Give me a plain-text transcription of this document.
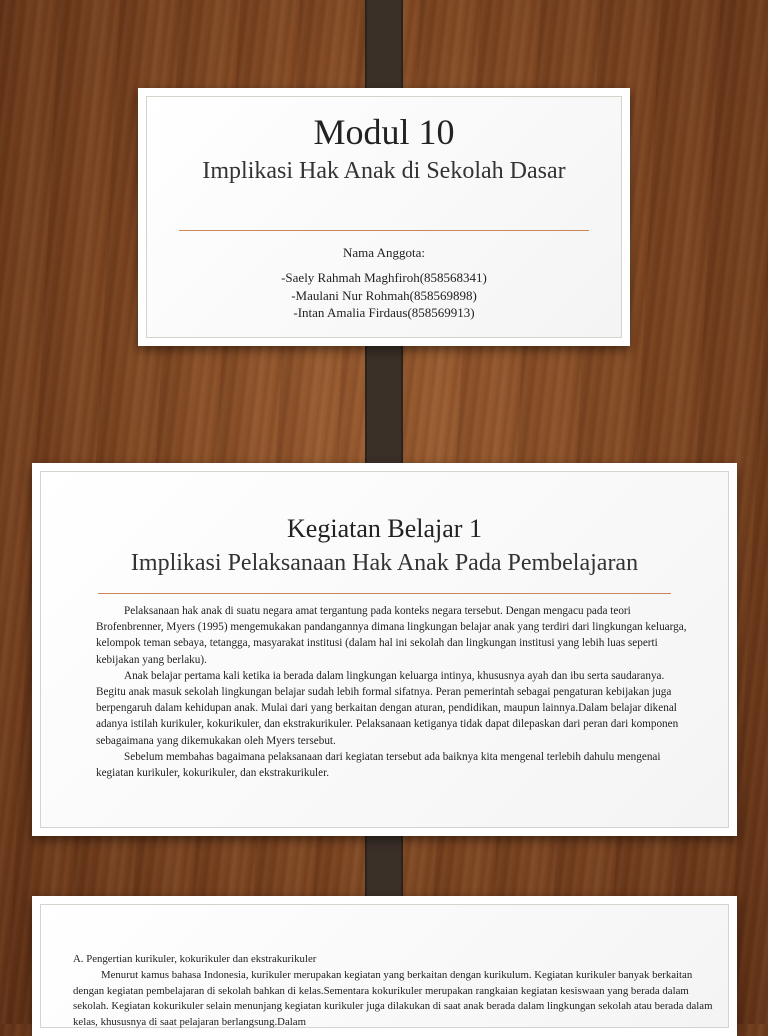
Modul 10
Implikasi Hak Anak di Sekolah Dasar
Nama Anggota:
-Saely Rahmah Maghfiroh(858568341)
-Maulani Nur Rohmah(858569898)
-Intan Amalia Firdaus(858569913)
Kegiatan Belajar 1
Implikasi Pelaksanaan Hak Anak Pada Pembelajaran

Pelaksanaan hak anak di suatu negara amat tergantung pada konteks negara tersebut. Dengan mengacu pada teori Brofenbrenner, Myers (1995) mengemukakan pandangannya dimana lingkungan belajar anak yang terdiri dari lingkungan keluarga, kelompok teman sebaya, tetangga, masyarakat institusi (dalam hal ini sekolah dan lingkungan institusi yang lebih luas seperti kebijakan yang berlaku).

Anak belajar pertama kali ketika ia berada dalam lingkungan keluarga intinya, khususnya ayah dan ibu serta saudaranya. Begitu anak masuk sekolah lingkungan belajar sudah lebih formal sifatnya. Peran pemerintah sebagai pengaturan kebijakan juga berpengaruh dalam kehidupan anak. Mulai dari yang berkaitan dengan aturan, pendidikan, maupun lainnya.Dalam belajar dikenal adanya istilah kurikuler, kokurikuler, dan ekstrakurikuler. Pelaksanaan ketiganya tidak dapat dilepaskan dari peran dari komponen sebagaimana yang dikemukakan oleh Myers tersebut.

Sebelum membahas bagaimana pelaksanaan dari kegiatan tersebut ada baiknya kita mengenal terlebih dahulu mengenai kegiatan kurikuler, kokurikuler, dan ekstrakurikuler.

A. Pengertian kurikuler, kokurikuler dan ekstrakurikuler

Menurut kamus bahasa Indonesia, kurikuler merupakan kegiatan yang berkaitan dengan kurikulum. Kegiatan kurikuler banyak berkaitan dengan kegiatan pembelajaran di sekolah bahkan di kelas.Sementara kokurikuler merupakan rangkaian kegiatan kesiswaan yang berada dalam sekolah. Kegiatan kokurikuler selain menunjang kegiatan kurikuler juga dilakukan di saat anak berada dalam lingkungan sekolah atau berada dalam kelas, khususnya di saat pelajaran berlangsung.Dalam
